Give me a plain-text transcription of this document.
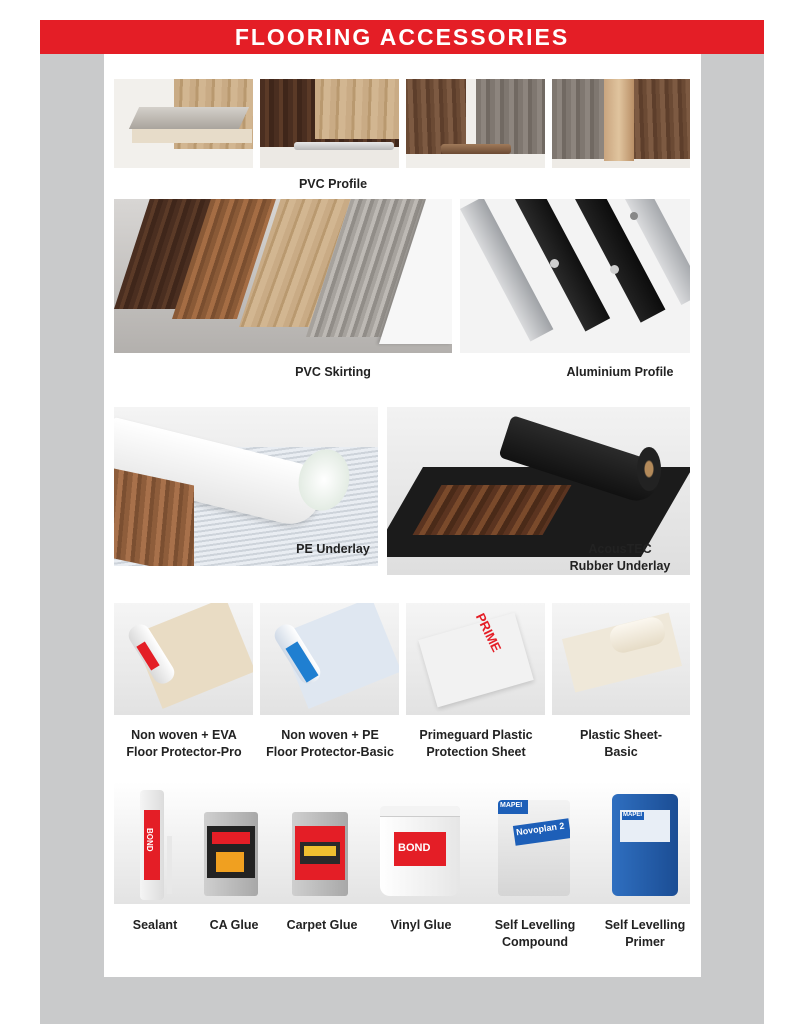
FLOORING ACCESSORIES
PVC Profile
PVC Skirting	Aluminium Profile
PE Underlay	AcousTEC
Rubber Underlay
PRIME
Non woven + EVA
Floor Protector-Pro
Non woven + PE
Floor Protector-Basic
Primeguard Plastic
Protection Sheet
Plastic Sheet-
Basic
BOND	BOND
MAPEI
Novoplan 2
MAPEI
Sealant	CA Glue	Carpet Glue	Vinyl Glue	Self Levelling
Compound
Self Levelling
Primer
